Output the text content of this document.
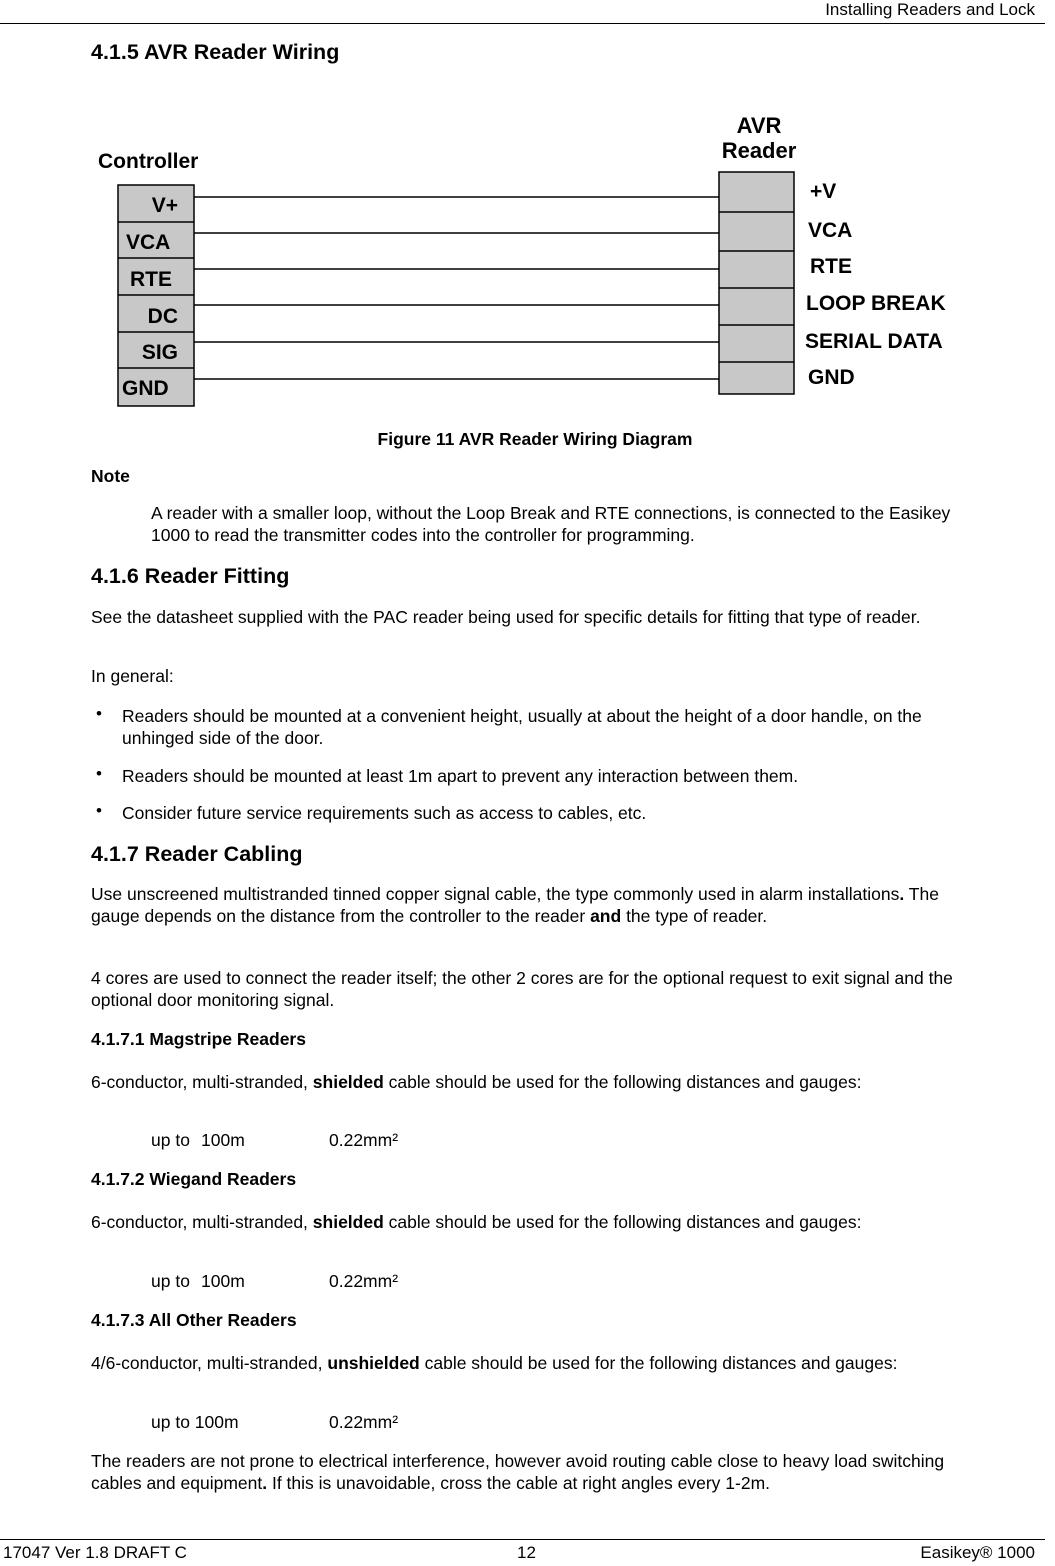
Installing Readers and Lock
4.1.5 AVR Reader Wiring
Controller
AVR
Reader
V+
VCA
RTE
DC
SIG
GND
+V
VCA
RTE
LOOP BREAK
SERIAL DATA
GND
Figure 11 AVR Reader Wiring Diagram
Note
A reader with a smaller loop, without the Loop Break and RTE connections, is connected to the Easikey 1000 to read the transmitter codes into the controller for programming.
4.1.6 Reader Fitting
See the datasheet supplied with the PAC reader being used for specific details for fitting that type of reader.
In general:
• Readers should be mounted at a convenient height, usually at about the height of a door handle, on the unhinged side of the door.
• Readers should be mounted at least 1m apart to prevent any interaction between them.
• Consider future service requirements such as access to cables, etc.
4.1.7 Reader Cabling
Use unscreened multistranded tinned copper signal cable, the type commonly used in alarm installations. The gauge depends on the distance from the controller to the reader and the type of reader.
4 cores are used to connect the reader itself; the other 2 cores are for the optional request to exit signal and the optional door monitoring signal.
4.1.7.1 Magstripe Readers
6-conductor, multi-stranded, shielded cable should be used for the following distances and gauges:
up to 100m	0.22mm²
4.1.7.2 Wiegand Readers
6-conductor, multi-stranded, shielded cable should be used for the following distances and gauges:
up to 100m	0.22mm²
4.1.7.3 All Other Readers
4/6-conductor, multi-stranded, unshielded cable should be used for the following distances and gauges:
up to 100m	0.22mm²
The readers are not prone to electrical interference, however avoid routing cable close to heavy load switching cables and equipment. If this is unavoidable, cross the cable at right angles every 1-2m.
17047 Ver 1.8 DRAFT C	12	Easikey® 1000
